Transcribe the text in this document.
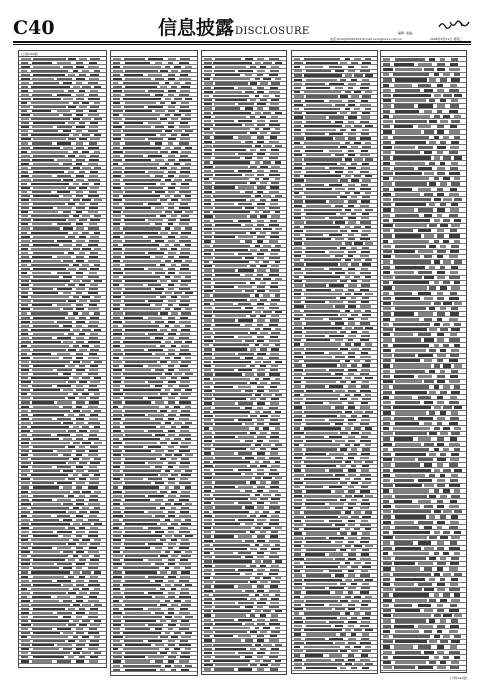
C40	信息披露DISCLOSURE	编辑: 美编:
电话:(010)XXXXXXXX E-mail:xxxx@xxxx.com.cn	2008年5月21日 星期三
(上接C39版)
(下转C41版)
